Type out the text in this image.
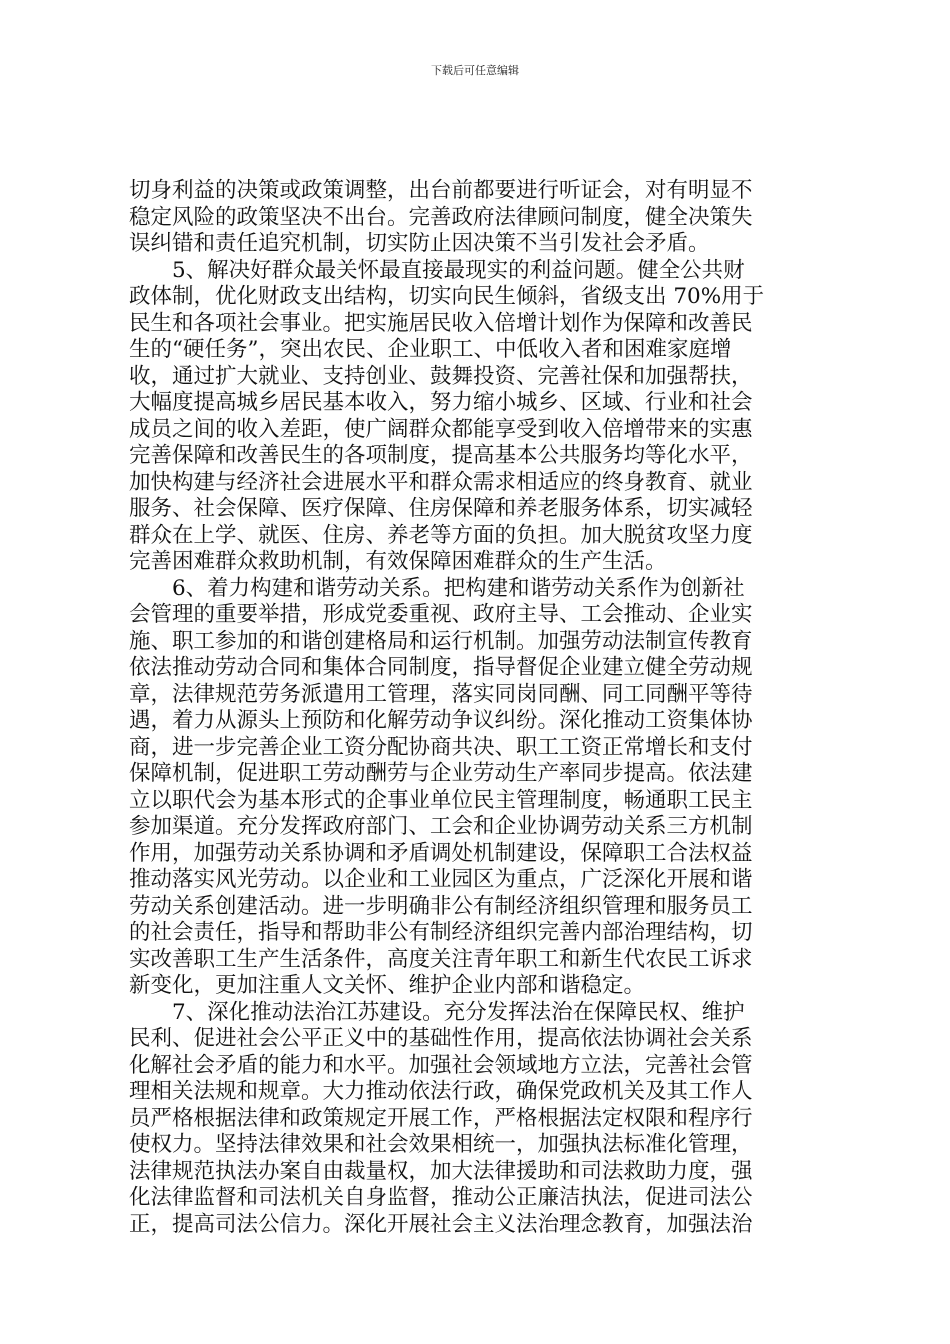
下载后可任意编辑
切身利益的决策或政策调整，出台前都要进行听证会，对有明显不
稳定风险的政策坚决不出台。完善政府法律顾问制度，健全决策失
误纠错和责任追究机制，切实防止因决策不当引发社会矛盾。
　　5、解决好群众最关怀最直接最现实的利益问题。健全公共财
政体制，优化财政支出结构，切实向民生倾斜，省级支出 70%用于
民生和各项社会事业。把实施居民收入倍增计划作为保障和改善民
生的“硬任务”，突出农民、企业职工、中低收入者和困难家庭增
收，通过扩大就业、支持创业、鼓舞投资、完善社保和加强帮扶，
大幅度提高城乡居民基本收入，努力缩小城乡、区域、行业和社会
成员之间的收入差距，使广阔群众都能享受到收入倍增带来的实惠
完善保障和改善民生的各项制度，提高基本公共服务均等化水平，
加快构建与经济社会进展水平和群众需求相适应的终身教育、就业
服务、社会保障、医疗保障、住房保障和养老服务体系，切实减轻
群众在上学、就医、住房、养老等方面的负担。加大脱贫攻坚力度
完善困难群众救助机制，有效保障困难群众的生产生活。
　　6、着力构建和谐劳动关系。把构建和谐劳动关系作为创新社
会管理的重要举措，形成党委重视、政府主导、工会推动、企业实
施、职工参加的和谐创建格局和运行机制。加强劳动法制宣传教育
依法推动劳动合同和集体合同制度，指导督促企业建立健全劳动规
章，法律规范劳务派遣用工管理，落实同岗同酬、同工同酬平等待
遇，着力从源头上预防和化解劳动争议纠纷。深化推动工资集体协
商，进一步完善企业工资分配协商共决、职工工资正常增长和支付
保障机制，促进职工劳动酬劳与企业劳动生产率同步提高。依法建
立以职代会为基本形式的企事业单位民主管理制度，畅通职工民主
参加渠道。充分发挥政府部门、工会和企业协调劳动关系三方机制
作用，加强劳动关系协调和矛盾调处机制建设，保障职工合法权益
推动落实风光劳动。以企业和工业园区为重点，广泛深化开展和谐
劳动关系创建活动。进一步明确非公有制经济组织管理和服务员工
的社会责任，指导和帮助非公有制经济组织完善内部治理结构，切
实改善职工生产生活条件，高度关注青年职工和新生代农民工诉求
新变化，更加注重人文关怀、维护企业内部和谐稳定。
　　7、深化推动法治江苏建设。充分发挥法治在保障民权、维护
民利、促进社会公平正义中的基础性作用，提高依法协调社会关系
化解社会矛盾的能力和水平。加强社会领域地方立法，完善社会管
理相关法规和规章。大力推动依法行政，确保党政机关及其工作人
员严格根据法律和政策规定开展工作，严格根据法定权限和程序行
使权力。坚持法律效果和社会效果相统一，加强执法标准化管理，
法律规范执法办案自由裁量权，加大法律援助和司法救助力度，强
化法律监督和司法机关自身监督，推动公正廉洁执法，促进司法公
正，提高司法公信力。深化开展社会主义法治理念教育，加强法治
